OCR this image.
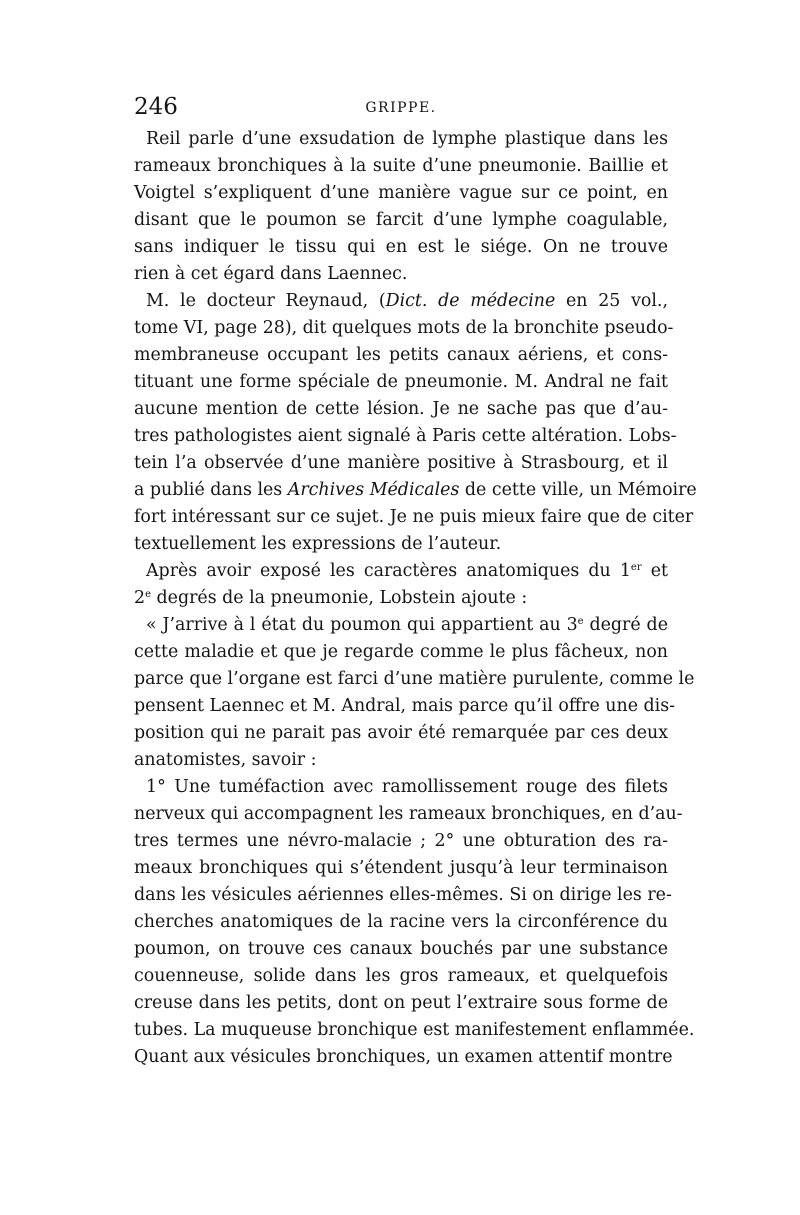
246	GRIPPE.
Reil parle d’une exsudation de lymphe plastique dans les
rameaux bronchiques à la suite d’une pneumonie. Baillie et
Voigtel s’expliquent d’une manière vague sur ce point, en
disant que le poumon se farcit d’une lymphe coagulable,
sans indiquer le tissu qui en est le siége. On ne trouve
rien à cet égard dans Laennec.
M. le docteur Reynaud, (Dict. de médecine en 25 vol.,
tome VI, page 28), dit quelques mots de la bronchite pseudo-
membraneuse occupant les petits canaux aériens, et cons-
tituant une forme spéciale de pneumonie. M. Andral ne fait
aucune mention de cette lésion. Je ne sache pas que d’au-
tres pathologistes aient signalé à Paris cette altération. Lobs-
tein l’a observée d’une manière positive à Strasbourg, et il
a publié dans les Archives Médicales de cette ville, un Mémoire
fort intéressant sur ce sujet. Je ne puis mieux faire que de citer
textuellement les expressions de l’auteur.
Après avoir exposé les caractères anatomiques du 1er et
2e degrés de la pneumonie, Lobstein ajoute :
« J’arrive à l état du poumon qui appartient au 3e degré de
cette maladie et que je regarde comme le plus fâcheux, non
parce que l’organe est farci d’une matière purulente, comme le
pensent Laennec et M. Andral, mais parce qu’il offre une dis-
position qui ne parait pas avoir été remarquée par ces deux
anatomistes, savoir :
1° Une tuméfaction avec ramollissement rouge des filets
nerveux qui accompagnent les rameaux bronchiques, en d’au-
tres termes une névro-malacie ; 2° une obturation des ra-
meaux bronchiques qui s’étendent jusqu’à leur terminaison
dans les vésicules aériennes elles-mêmes. Si on dirige les re-
cherches anatomiques de la racine vers la circonférence du
poumon, on trouve ces canaux bouchés par une substance
couenneuse, solide dans les gros rameaux, et quelquefois
creuse dans les petits, dont on peut l’extraire sous forme de
tubes. La muqueuse bronchique est manifestement enflammée.
Quant aux vésicules bronchiques, un examen attentif montre
